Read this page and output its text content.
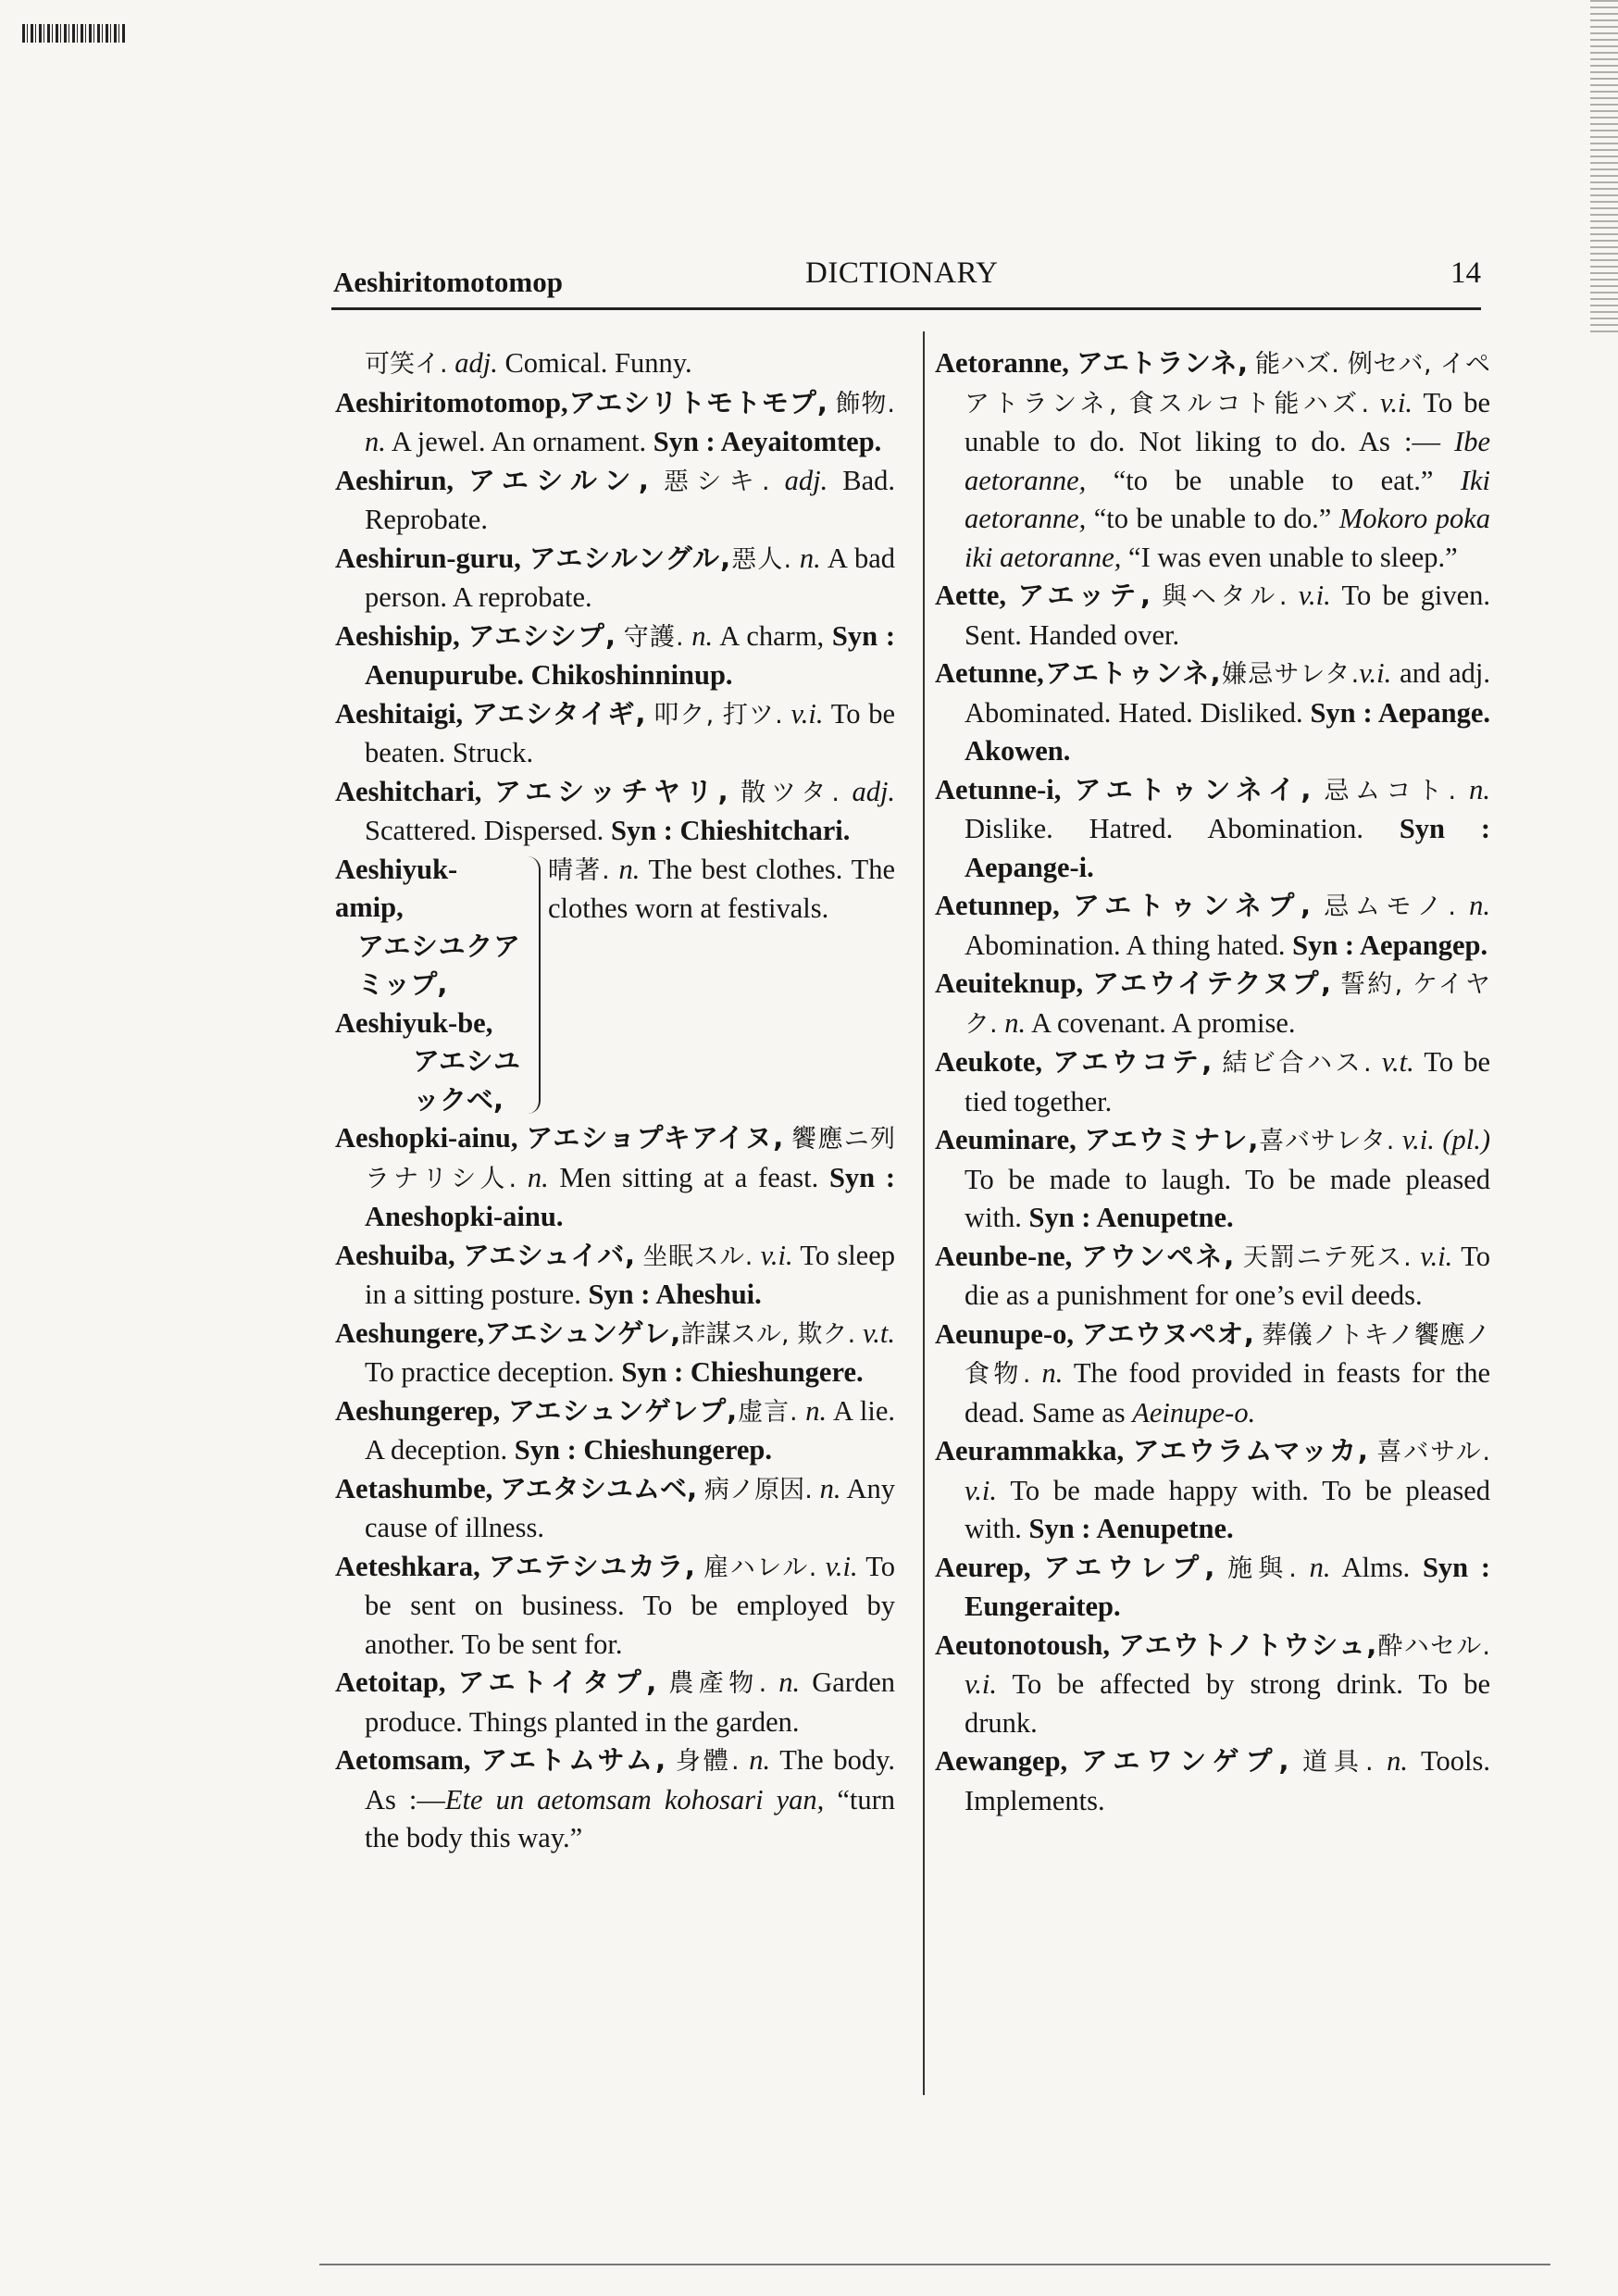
Aeshiritomotomop	DICTIONARY	14

可笑イ. adj. Comical. Funny.

Aeshiritomotomop,アエシリトモトモプ, 飾物. n. A jewel. An ornament. Syn : Aeyaitomtep.

Aeshirun, アエシルン, 惡シキ. adj. Bad. Reprobate.

Aeshirun-guru, アエシルングル,惡人. n. A bad person. A reprobate.

Aeshiship, アエシシプ, 守護. n. A charm, Syn : Aenupurube. Chikoshinninup.

Aeshitaigi, アエシタイギ, 叩ク, 打ツ. v.i. To be beaten. Struck.

Aeshitchari, アエシッチヤリ, 散ツタ. adj. Scattered. Dispersed. Syn : Chieshitchari.

Aeshiyuk-amip,
アエシユクアミップ,
Aeshiyuk-be,
アエシユックベ,
晴著. n. The best clothes. The clothes worn at festivals.

Aeshopki-ainu, アエショプキアイヌ, 饗應ニ列ラナリシ人. n. Men sitting at a feast. Syn : Aneshopki-ainu.

Aeshuiba, アエシュイバ, 坐眠スル. v.i. To sleep in a sitting posture. Syn : Aheshui.

Aeshungere,アエシュンゲレ,詐謀スル, 欺ク. v.t. To practice deception. Syn : Chieshungere.

Aeshungerep, アエシュンゲレプ,虚言. n. A lie. A deception. Syn : Chieshungerep.

Aetashumbe, アエタシユムベ, 病ノ原因. n. Any cause of illness.

Aeteshkara, アエテシユカラ, 雇ハレル. v.i. To be sent on business. To be employed by another. To be sent for.

Aetoitap, アエトイタプ, 農產物. n. Garden produce. Things planted in the garden.

Aetomsam, アエトムサム, 身體. n. The body. As :—Ete un aetomsam kohosari yan, “turn the body this way.”

Aetoranne, アエトランネ, 能ハズ. 例セバ, イペアトランネ, 食スルコト能ハズ. v.i. To be unable to do. Not liking to do. As :— Ibe aetoranne, “to be unable to eat.” Iki aetoranne, “to be unable to do.” Mokoro poka iki aetoranne, “I was even unable to sleep.”

Aette, アエッテ, 與ヘタル. v.i. To be given. Sent. Handed over.

Aetunne,アエトゥンネ,嫌忌サレタ.v.i. and adj. Abominated. Hated. Disliked. Syn : Aepange. Akowen.

Aetunne-i, アエトゥンネイ, 忌ムコト. n. Dislike. Hatred. Abomination. Syn : Aepange-i.

Aetunnep, アエトゥンネプ, 忌ムモノ. n. Abomination. A thing hated. Syn : Aepangep.

Aeuiteknup, アエウイテクヌプ, 誓約, ケイヤク. n. A covenant. A promise.

Aeukote, アエウコテ, 結ビ合ハス. v.t. To be tied together.

Aeuminare, アエウミナレ,喜バサレタ. v.i. (pl.) To be made to laugh. To be made pleased with. Syn : Aenupetne.

Aeunbe-ne, アウンペネ, 天罰ニテ死ス. v.i. To die as a punishment for one’s evil deeds.

Aeunupe-o, アエウヌペオ, 葬儀ノトキノ饗應ノ食物. n. The food provided in feasts for the dead. Same as Aeinupe-o.

Aeurammakka, アエウラムマッカ, 喜バサル. v.i. To be made happy with. To be pleased with. Syn : Aenupetne.

Aeurep, アエウレプ, 施與. n. Alms. Syn : Eungeraitep.

Aeutonotoush, アエウトノトウシュ,酔ハセル. v.i. To be affected by strong drink. To be drunk.

Aewangep, アエワンゲプ, 道具. n. Tools. Implements.
